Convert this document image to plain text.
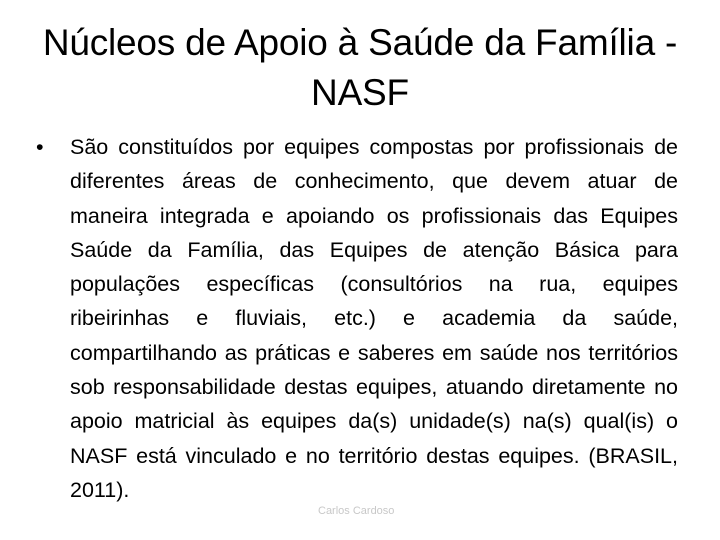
Núcleos de Apoio à Saúde da Família - NASF
•	São constituídos por equipes compostas por profissionais de diferentes áreas de conhecimento, que devem atuar de maneira integrada e apoiando os profissionais das Equipes Saúde da Família, das Equipes de atenção Básica para populações específicas (consultórios na rua, equipes ribeirinhas e fluviais, etc.) e academia da saúde, compartilhando as práticas e saberes em saúde nos territórios sob responsabilidade destas equipes, atuando diretamente no apoio matricial às equipes da(s) unidade(s) na(s) qual(is) o NASF está vinculado e no território destas equipes. (BRASIL, 2011).
Carlos Cardoso
